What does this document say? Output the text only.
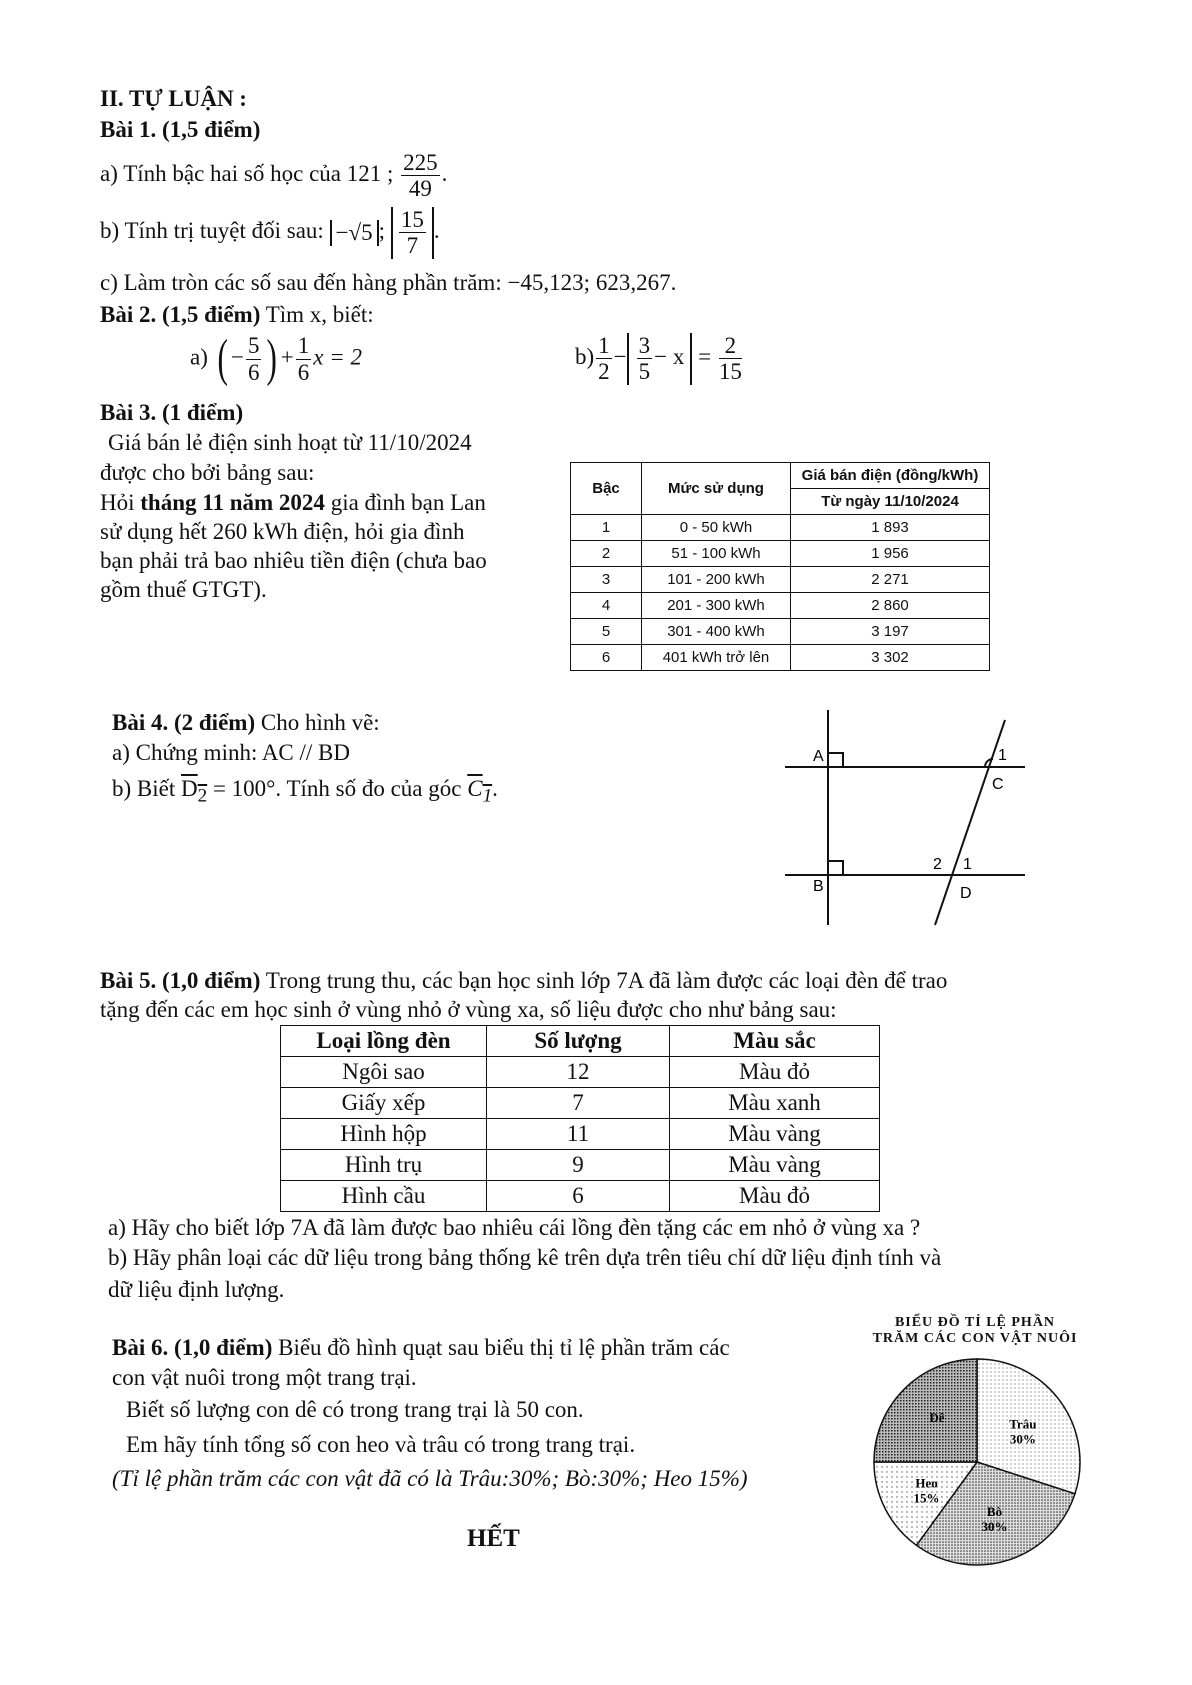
II. TỰ LUẬN :
Bài 1. (1,5 điểm)
a) Tính bậc hai số học của 121 ; $\frac{225}{49}$ .
b) Tính trị tuyệt đối sau: −√5 ; $\frac{15}{7}$ .
c) Làm tròn các số sau đến hàng phần trăm: −45,123; 623,267.
Bài 2. (1,5 điểm) Tìm x, biết:
a) ( − $\frac{5}{6}$ ) + $\frac{1}{6}$ x = 2	$b) \frac{1}{2} - \frac{3}{5} - x = \frac{2}{15}$
Bài 3. (1 điểm)
Giá bán lẻ điện sinh hoạt từ 11/10/2024
được cho bởi bảng sau:
Hỏi tháng 11 năm 2024 gia đình bạn Lan
sử dụng hết 260 kWh điện, hỏi gia đình
bạn phải trả bao nhiêu tiền điện (chưa bao
gồm thuế GTGT).
Bậc	Mức sử dụng	Giá bán điện (đồng/kWh)
		Từ ngày 11/10/2024
1	0 - 50 kWh	1 893
2	51 - 100 kWh	1 956
3	101 - 200 kWh	2 271
4	201 - 300 kWh	2 860
5	301 - 400 kWh	3 197
6	401 kWh trở lên	3 302
Bài 4. (2 điểm) Cho hình vẽ:
a) Chứng minh: AC // BD
b) Biết $D_2 = 100^\circ$. Tính số đo của góc $C_1$.
A
B
C
D
1
2 1
Bài 5. (1,0 điểm) Trong trung thu, các bạn học sinh lớp 7A đã làm được các loại đèn để trao
tặng đến các em học sinh ở vùng nhỏ ở vùng xa, số liệu được cho như bảng sau:
Loại lồng đèn	Số lượng	Màu sắc
Ngôi sao	12	Màu đỏ
Giấy xếp	7	Màu xanh
Hình hộp	11	Màu vàng
Hình trụ	9	Màu vàng
Hình cầu	6	Màu đỏ
a) Hãy cho biết lớp 7A đã làm được bao nhiêu cái lồng đèn tặng các em nhỏ ở vùng xa ?
b) Hãy phân loại các dữ liệu trong bảng thống kê trên dựa trên tiêu chí dữ liệu định tính và
dữ liệu định lượng.
Bài 6. (1,0 điểm) Biểu đồ hình quạt sau biểu thị tỉ lệ phần trăm các
con vật nuôi trong một trang trại.
Biết số lượng con dê có trong trang trại là 50 con.
Em hãy tính tổng số con heo và trâu có trong trang trại.
(Tỉ lệ phần trăm các con vật đã có là Trâu:30%; Bò:30%; Heo 15%)
BIỂU ĐỒ TỈ LỆ PHẦN
TRĂM CÁC CON VẬT NUÔI
Trâu
30%
Bò
30%
Heo
15%
Dê
HẾT
